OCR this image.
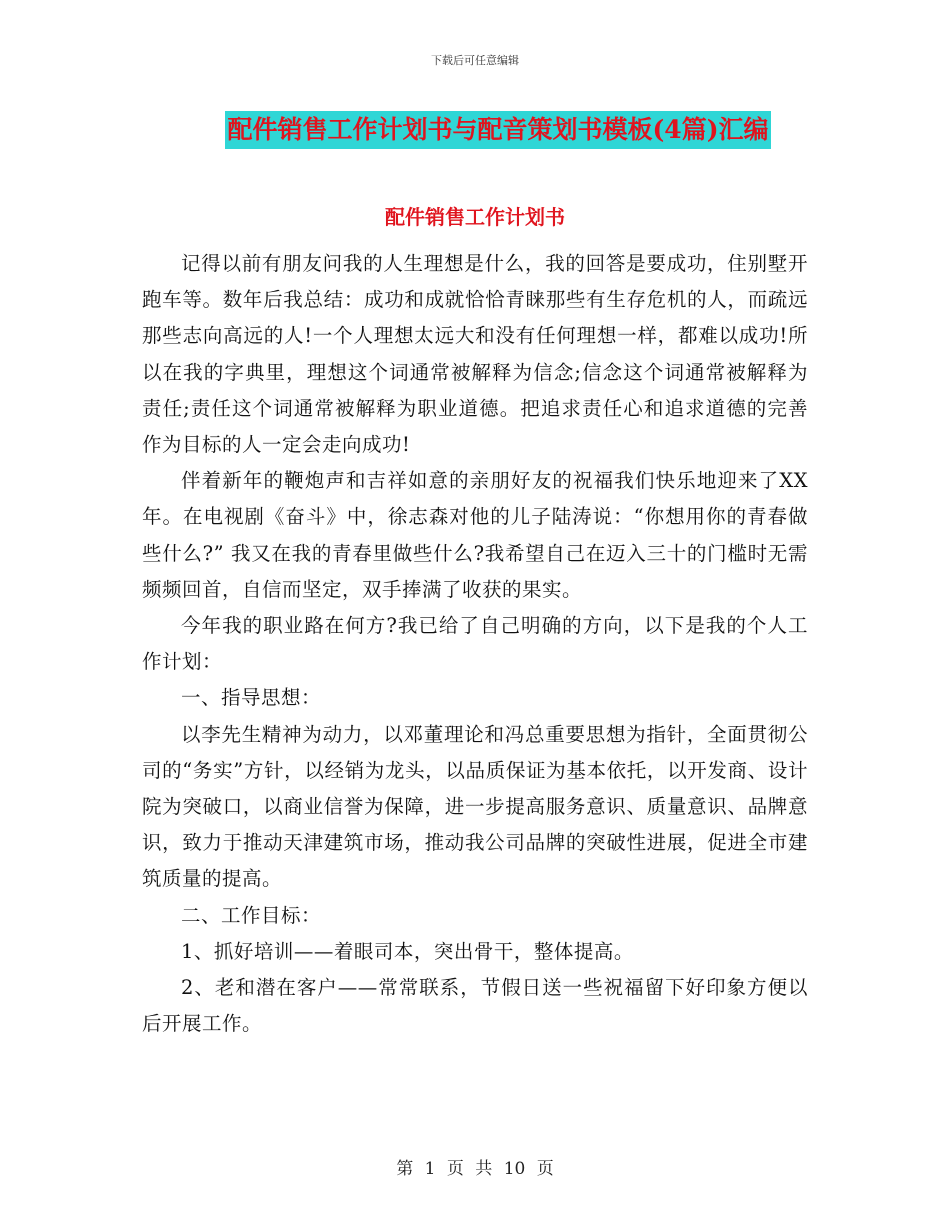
下载后可任意编辑
配件销售工作计划书与配音策划书模板(4篇)汇编
配件销售工作计划书

记得以前有朋友问我的人生理想是什么，我的回答是要成功，住别墅开跑车等。数年后我总结：成功和成就恰恰青睐那些有生存危机的人，而疏远那些志向高远的人!一个人理想太远大和没有任何理想一样，都难以成功!所以在我的字典里，理想这个词通常被解释为信念;信念这个词通常被解释为责任;责任这个词通常被解释为职业道德。把追求责任心和追求道德的完善作为目标的人一定会走向成功!

伴着新年的鞭炮声和吉祥如意的亲朋好友的祝福我们快乐地迎来了XX年。在电视剧《奋斗》中，徐志森对他的儿子陆涛说：“你想用你的青春做些什么?” 我又在我的青春里做些什么?我希望自己在迈入三十的门槛时无需频频回首，自信而坚定，双手捧满了收获的果实。

今年我的职业路在何方?我已给了自己明确的方向，以下是我的个人工作计划：

一、指导思想：

以李先生精神为动力，以邓董理论和冯总重要思想为指针，全面贯彻公司的“务实”方针，以经销为龙头，以品质保证为基本依托，以开发商、设计院为突破口，以商业信誉为保障，进一步提高服务意识、质量意识、品牌意识，致力于推动天津建筑市场，推动我公司品牌的突破性进展，促进全市建筑质量的提高。

二、工作目标：

1、抓好培训——着眼司本，突出骨干，整体提高。

2、老和潜在客户——常常联系，节假日送一些祝福留下好印象方便以后开展工作。

第 1 页 共 10 页
